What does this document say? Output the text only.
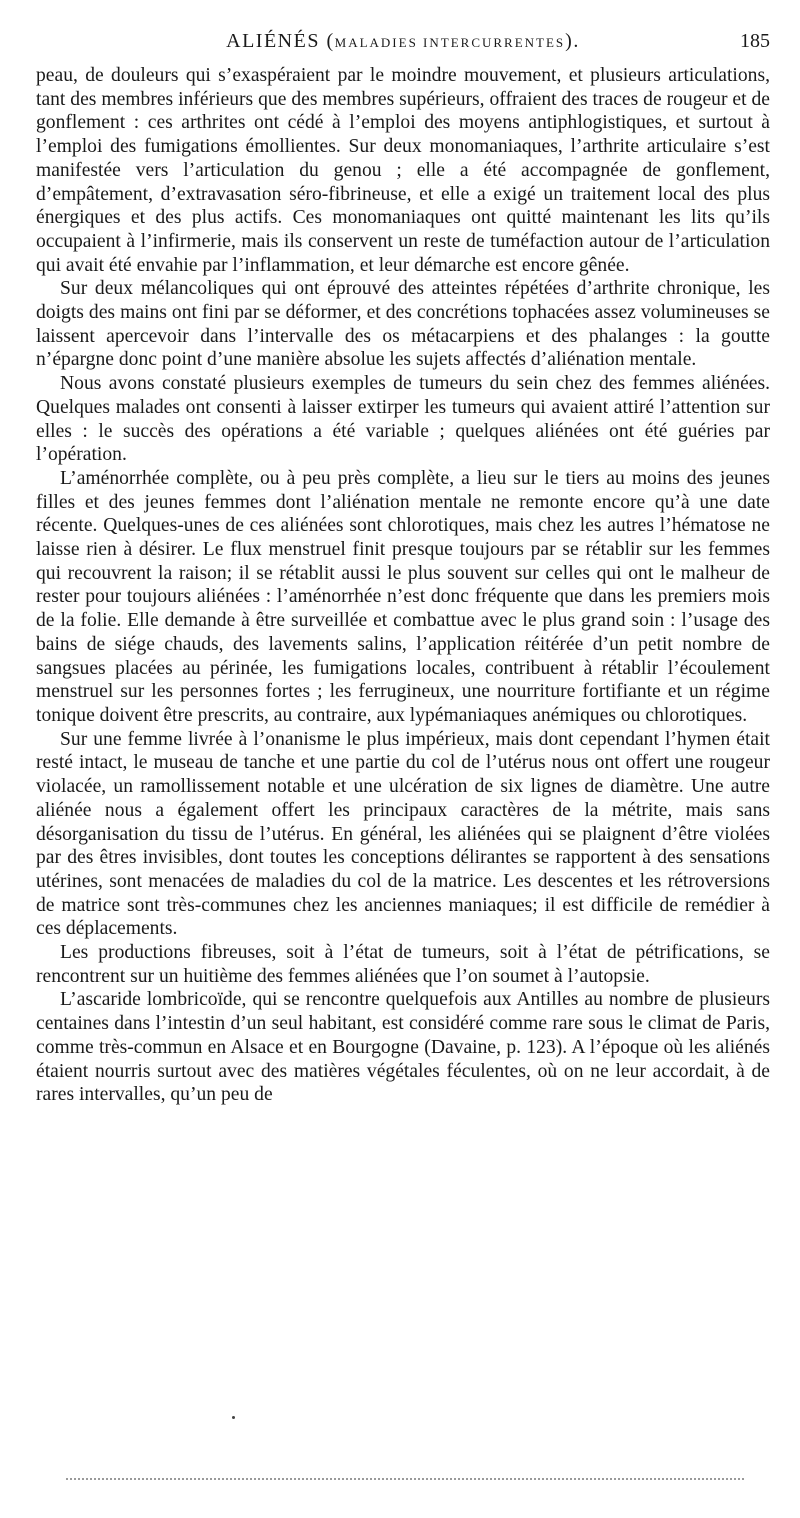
ALIÉNÉS (MALADIES INTERCURRENTES).	185

peau, de douleurs qui s’exaspéraient par le moindre mouvement, et plusieurs articulations, tant des membres inférieurs que des membres supérieurs, offraient des traces de rougeur et de gonflement : ces arthrites ont cédé à l’emploi des moyens antiphlogistiques, et surtout à l’emploi des fumigations émollientes. Sur deux monomaniaques, l’arthrite articulaire s’est manifestée vers l’articulation du genou ; elle a été accompagnée de gonflement, d’empâtement, d’extravasation séro-fibrineuse, et elle a exigé un traitement local des plus énergiques et des plus actifs. Ces monomaniaques ont quitté maintenant les lits qu’ils occupaient à l’infirmerie, mais ils conservent un reste de tuméfaction autour de l’articulation qui avait été envahie par l’inflammation, et leur démarche est encore gênée.

Sur deux mélancoliques qui ont éprouvé des atteintes répétées d’arthrite chronique, les doigts des mains ont fini par se déformer, et des concrétions tophacées assez volumineuses se laissent apercevoir dans l’intervalle des os métacarpiens et des phalanges : la goutte n’épargne donc point d’une manière absolue les sujets affectés d’aliénation mentale.

Nous avons constaté plusieurs exemples de tumeurs du sein chez des femmes aliénées. Quelques malades ont consenti à laisser extirper les tumeurs qui avaient attiré l’attention sur elles : le succès des opérations a été variable ; quelques aliénées ont été guéries par l’opération.

L’aménorrhée complète, ou à peu près complète, a lieu sur le tiers au moins des jeunes filles et des jeunes femmes dont l’aliénation mentale ne remonte encore qu’à une date récente. Quelques-unes de ces aliénées sont chlorotiques, mais chez les autres l’hématose ne laisse rien à désirer. Le flux menstruel finit presque toujours par se rétablir sur les femmes qui recouvrent la raison; il se rétablit aussi le plus souvent sur celles qui ont le malheur de rester pour toujours aliénées : l’aménorrhée n’est donc fréquente que dans les premiers mois de la folie. Elle demande à être surveillée et combattue avec le plus grand soin : l’usage des bains de siége chauds, des lavements salins, l’application réitérée d’un petit nombre de sangsues placées au périnée, les fumigations locales, contribuent à rétablir l’écoulement menstruel sur les personnes fortes ; les ferrugineux, une nourriture fortifiante et un régime tonique doivent être prescrits, au contraire, aux lypémaniaques anémiques ou chlorotiques.

Sur une femme livrée à l’onanisme le plus impérieux, mais dont cependant l’hymen était resté intact, le museau de tanche et une partie du col de l’utérus nous ont offert une rougeur violacée, un ramollissement notable et une ulcération de six lignes de diamètre. Une autre aliénée nous a également offert les principaux caractères de la métrite, mais sans désorganisation du tissu de l’utérus. En général, les aliénées qui se plaignent d’être violées par des êtres invisibles, dont toutes les conceptions délirantes se rapportent à des sensations utérines, sont menacées de maladies du col de la matrice. Les descentes et les rétroversions de matrice sont très-communes chez les anciennes maniaques; il est difficile de remédier à ces déplacements.

Les productions fibreuses, soit à l’état de tumeurs, soit à l’état de pétrifications, se rencontrent sur un huitième des femmes aliénées que l’on soumet à l’autopsie.

L’ascaride lombricoïde, qui se rencontre quelquefois aux Antilles au nombre de plusieurs centaines dans l’intestin d’un seul habitant, est considéré comme rare sous le climat de Paris, comme très-commun en Alsace et en Bourgogne (Davaine, p. 123). A l’époque où les aliénés étaient nourris surtout avec des matières végétales féculentes, où on ne leur accordait, à de rares intervalles, qu’un peu de
